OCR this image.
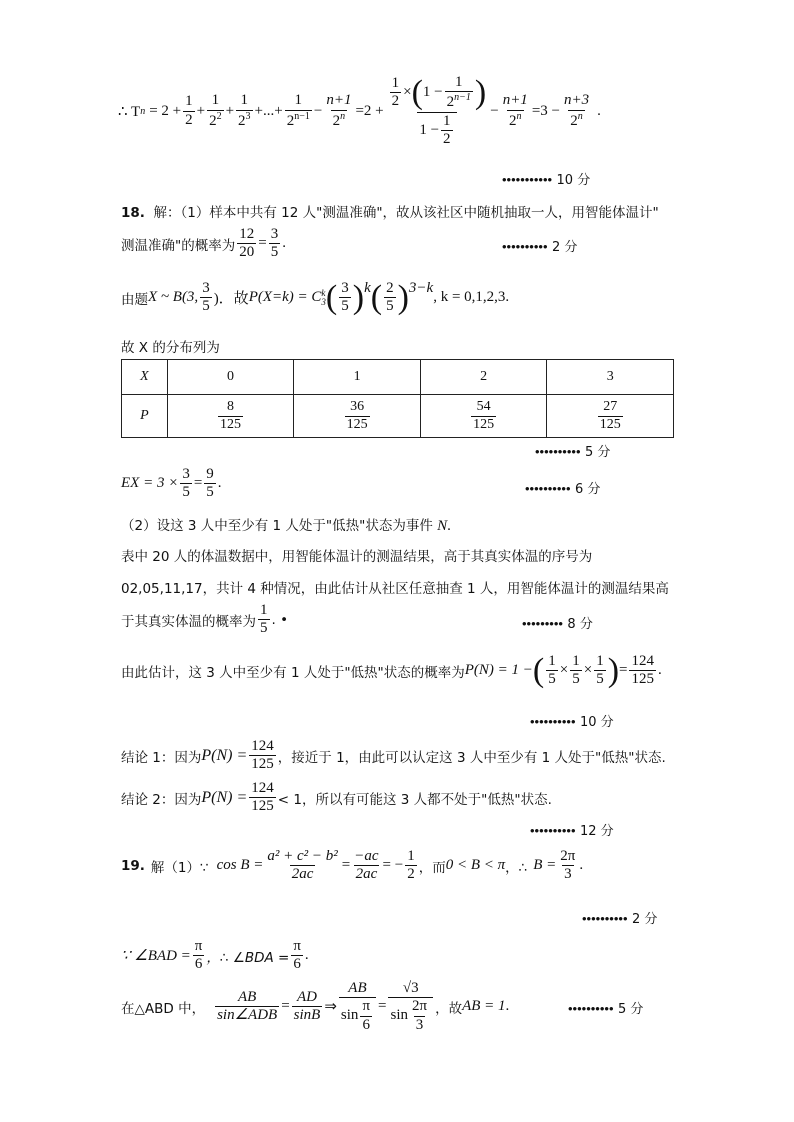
∴ T $n = 2 + \frac{1}{2} + \frac{1}{2^2} + \frac{1}{2^3}$ +...+ $\frac{1}{2^{n-1}} - \frac{n+1}{2^n} =2 + \frac{\frac{1}{2} \times ( 1 - \frac{1}{2^{n-1}} )}{1 - \frac{1}{2}} - \frac{n+1}{2^n} =3 - \frac{n+3}{2^n}$ .
••••••••••• 10 分
18. 解：（1）样本中共有 12 人"测温准确"，故从该社区中随机抽取一人，用智能体温计"
测温准确"的概率为 $\frac{12}{20} = \frac{3}{5}$ .	•••••••••• 2 分
由题 X ~ B(3, $\frac{3}{5}$ )．故 P(X=k) = C k
3 ( $\frac{3}{5}$ ) k ( $\frac{2}{5}$ ) 3−k
, k = 0,1,2,3.
故 X 的分布列为
X	0	1	2	3
P	$\frac{8}{125}$	$\frac{36}{125}$	$\frac{54}{125}$	$\frac{27}{125}$
•••••••••• 5 分
EX = $3 \times \frac{3}{5} = \frac{9}{5}$ .	•••••••••• 6 分
（2）设这 3 人中至少有 1 人处于"低热"状态为事件 N.
表中 20 人的体温数据中，用智能体温计的测温结果，高于其真实体温的序号为
02,05,11,17，共计 4 种情况，由此估计从社区任意抽查 1 人，用智能体温计的测温结果高
于其真实体温的概率为 $\frac{1}{5}$ . •	••••••••• 8 分
由此估计，这 3 人中至少有 1 人处于"低热"状态的概率为 P(N) = 1 − ( $\frac{1}{5} \times \frac{1}{5} \times \frac{1}{5}$ ) = $\frac{124}{125}$ .
•••••••••• 10 分
结论 1：因为 $P(N) = \frac{124}{125}$ ，接近于 1，由此可以认定这 3 人中至少有 1 人处于"低热"状态.
结论 2：因为 $P(N) = \frac{124}{125} < 1$，所以有可能这 3 人都不处于"低热"状态.
•••••••••• 12 分
19. 解（1）∵ $\cos B = \frac{\text{a² + c² − b²}}{2ac} = \frac{-ac}{2ac}$ = − $\frac{1}{2}$ ，而 0 < B < π ，∴ $B = \frac{2\pi}{3}$ .
•••••••••• 2 分
∵ ∠BAD = $\frac{\pi}{6}$ ，∴ ∠BDA = $\frac{\pi}{6}$ .
在△ABD 中， $\frac{AB}{\text{sin∠ADB}} = \frac{AD}{\sin B}$ ⇒ $\frac{AB}{\sin \frac{\pi}{6}} = \frac{√3}{\sin \frac{2\pi}{3}}$ ，故 AB = 1 .	•••••••••• 5 分
